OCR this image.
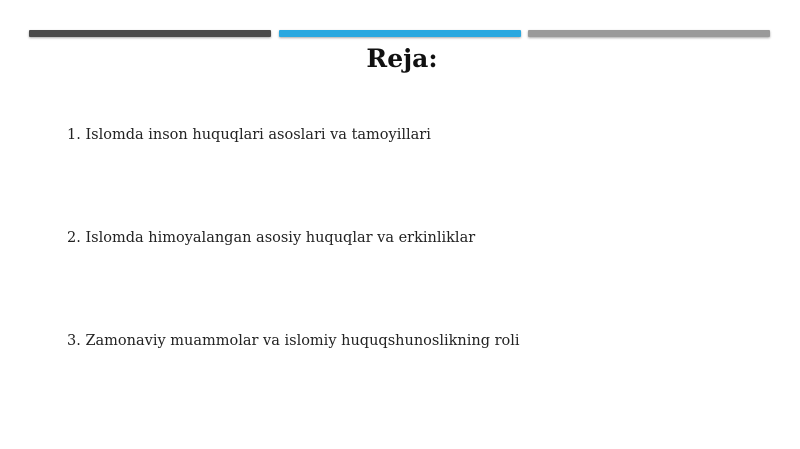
Reja:
1. Islomda inson huquqlari asoslari va tamoyillari
2. Islomda himoyalangan asosiy huquqlar va erkinliklar
3. Zamonaviy muammolar va islomiy huquqshunoslikning roli
